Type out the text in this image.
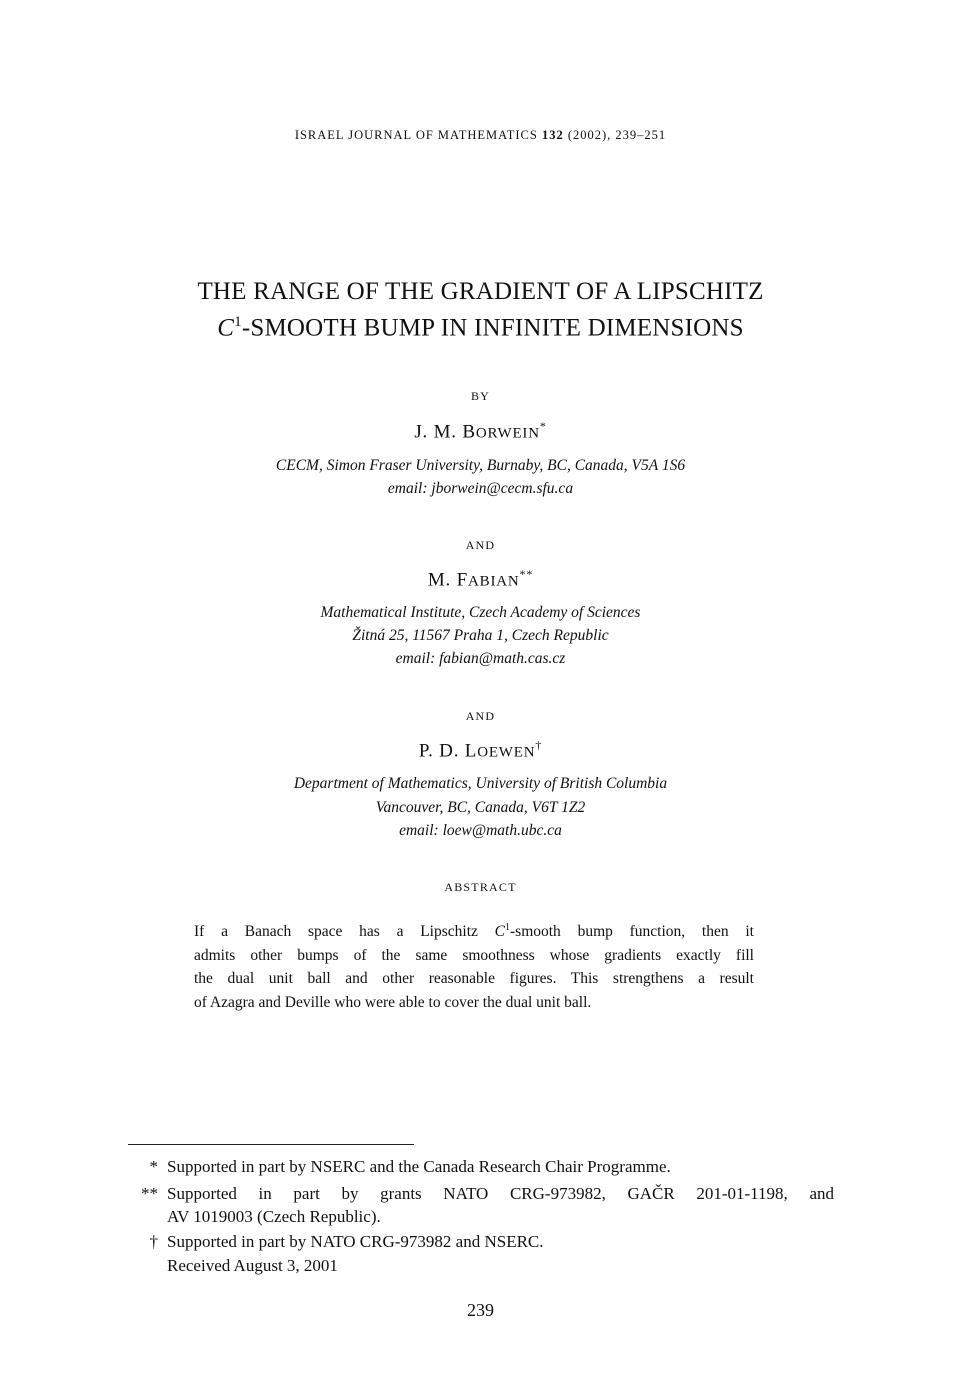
ISRAEL JOURNAL OF MATHEMATICS 132 (2002), 239–251
THE RANGE OF THE GRADIENT OF A LIPSCHITZ
$C^1$-SMOOTH BUMP IN INFINITE DIMENSIONS
BY
J. M. BORWEIN*
CECM, Simon Fraser University, Burnaby, BC, Canada, V5A 1S6
email: jborwein@cecm.sfu.ca
AND
M. FABIAN**
Mathematical Institute, Czech Academy of Sciences
Žitná 25, 11567 Praha 1, Czech Republic
email: fabian@math.cas.cz
AND
P. D. LOEWEN†
Department of Mathematics, University of British Columbia
Vancouver, BC, Canada, V6T 1Z2
email: loew@math.ubc.ca
ABSTRACT
If a Banach space has a Lipschitz $C^1$-smooth bump function, then it
admits other bumps of the same smoothness whose gradients exactly fill
the dual unit ball and other reasonable figures. This strengthens a result
of Azagra and Deville who were able to cover the dual unit ball.
* Supported in part by NSERC and the Canada Research Chair Programme.
** Supported in part by grants NATO CRG-973982, GAČR 201-01-1198, and
AV 1019003 (Czech Republic).
† Supported in part by NATO CRG-973982 and NSERC.
Received August 3, 2001
239
